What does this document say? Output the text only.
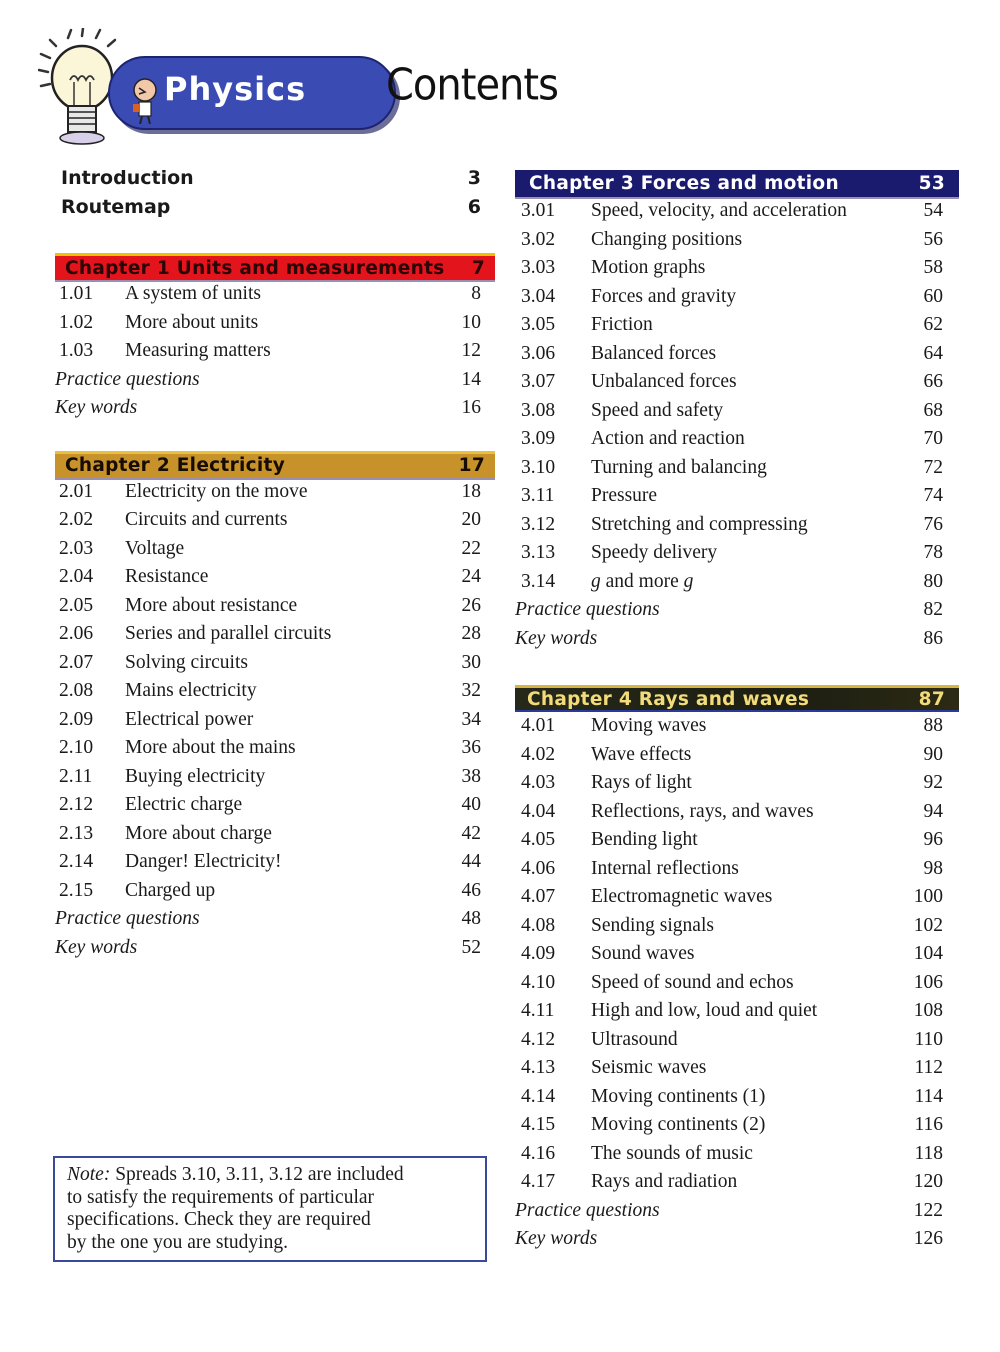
Physics Contents
Introduction	3
Routemap	6
Chapter 1 Units and measurements 7
1.01	A system of units	8
1.02	More about units	10
1.03	Measuring matters	12
Practice questions	14
Key words	16
Chapter 2 Electricity	17
2.01	Electricity on the move	18
2.02	Circuits and currents	20
2.03	Voltage	22
2.04	Resistance	24
2.05	More about resistance	26
2.06	Series and parallel circuits	28
2.07	Solving circuits	30
2.08	Mains electricity	32
2.09	Electrical power	34
2.10	More about the mains	36
2.11	Buying electricity	38
2.12	Electric charge	40
2.13	More about charge	42
2.14	Danger! Electricity!	44
2.15	Charged up	46
Practice questions	48
Key words	52
Chapter 3 Forces and motion	53
3.01	Speed, velocity, and acceleration	54
3.02	Changing positions	56
3.03	Motion graphs	58
3.04	Forces and gravity	60
3.05	Friction	62
3.06	Balanced forces	64
3.07	Unbalanced forces	66
3.08	Speed and safety	68
3.09	Action and reaction	70
3.10	Turning and balancing	72
3.11	Pressure	74
3.12	Stretching and compressing	76
3.13	Speedy delivery	78
3.14	g and more g	80
Practice questions	82
Key words	86
Chapter 4 Rays and waves	87
4.01	Moving waves	88
4.02	Wave effects	90
4.03	Rays of light	92
4.04	Reflections, rays, and waves	94
4.05	Bending light	96
4.06	Internal reflections	98
4.07	Electromagnetic waves	100
4.08	Sending signals	102
4.09	Sound waves	104
4.10	Speed of sound and echos	106
4.11	High and low, loud and quiet	108
4.12	Ultrasound	110
4.13	Seismic waves	112
4.14	Moving continents (1)	114
4.15	Moving continents (2)	116
4.16	The sounds of music	118
4.17	Rays and radiation	120
Practice questions	122
Key words	126
Note: Spreads 3.10, 3.11, 3.12 are included
to satisfy the requirements of particular
specifications. Check they are required
by the one you are studying.
